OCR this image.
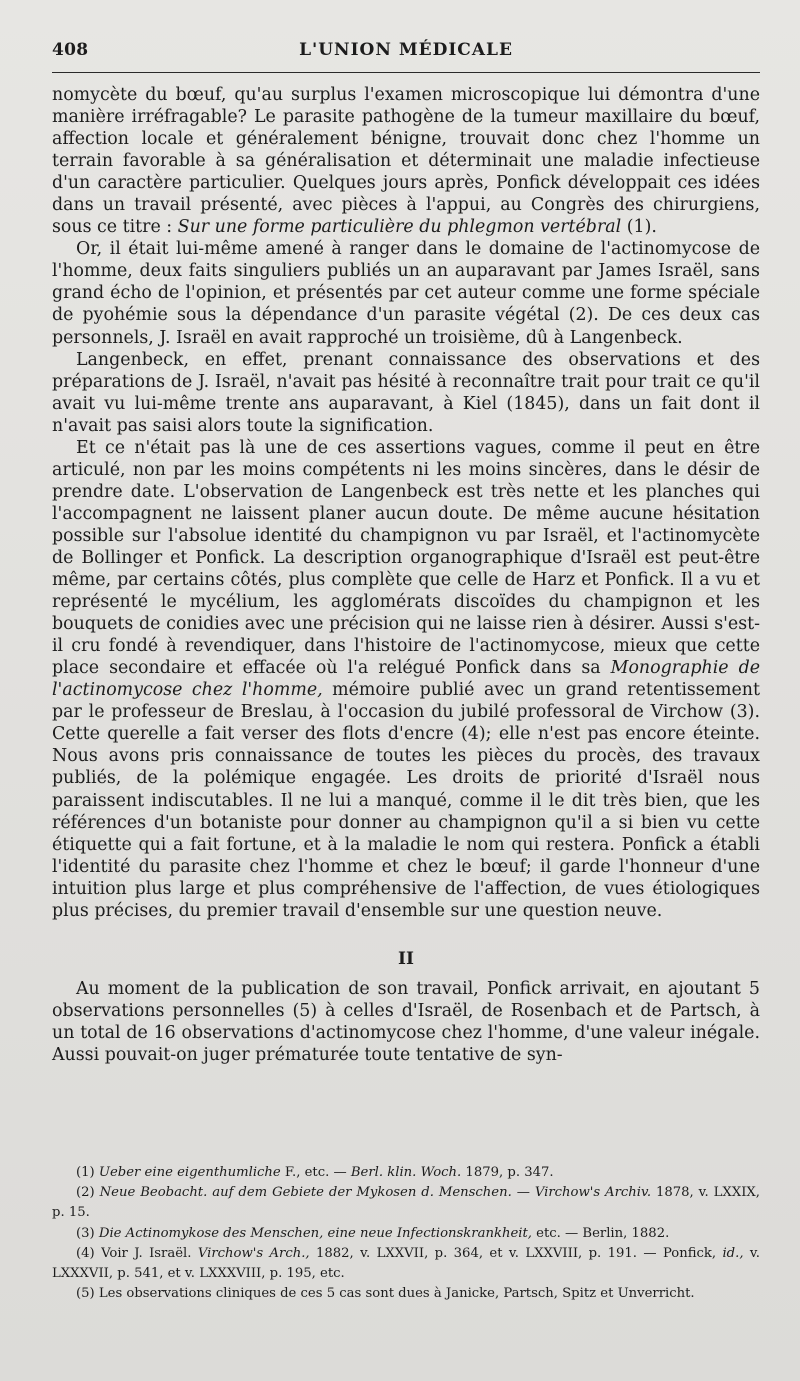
408	L'UNION MÉDICALE

nomycète du bœuf, qu'au surplus l'examen microscopique lui démontra d'une manière irréfragable? Le parasite pathogène de la tumeur maxillaire du bœuf, affection locale et généralement bénigne, trouvait donc chez l'homme un terrain favorable à sa généralisation et déterminait une maladie infectieuse d'un caractère particulier. Quelques jours après, Ponfick développait ces idées dans un travail présenté, avec pièces à l'appui, au Congrès des chirurgiens, sous ce titre : Sur une forme particulière du phlegmon vertébral (1).

Or, il était lui-même amené à ranger dans le domaine de l'actinomycose de l'homme, deux faits singuliers publiés un an auparavant par James Israël, sans grand écho de l'opinion, et présentés par cet auteur comme une forme spéciale de pyohémie sous la dépendance d'un parasite végétal (2). De ces deux cas personnels, J. Israël en avait rapproché un troisième, dû à Langenbeck.

Langenbeck, en effet, prenant connaissance des observations et des préparations de J. Israël, n'avait pas hésité à reconnaître trait pour trait ce qu'il avait vu lui-même trente ans auparavant, à Kiel (1845), dans un fait dont il n'avait pas saisi alors toute la signification.

Et ce n'était pas là une de ces assertions vagues, comme il peut en être articulé, non par les moins compétents ni les moins sincères, dans le désir de prendre date. L'observation de Langenbeck est très nette et les planches qui l'accompagnent ne laissent planer aucun doute. De même aucune hésitation possible sur l'absolue identité du champignon vu par Israël, et l'actinomycète de Bollinger et Ponfick. La description organographique d'Israël est peut-être même, par certains côtés, plus complète que celle de Harz et Ponfick. Il a vu et représenté le mycélium, les agglomérats discoïdes du champignon et les bouquets de conidies avec une précision qui ne laisse rien à désirer. Aussi s'est-il cru fondé à revendiquer, dans l'histoire de l'actinomycose, mieux que cette place secondaire et effacée où l'a relégué Ponfick dans sa Monographie de l'actinomycose chez l'homme, mémoire publié avec un grand retentissement par le professeur de Breslau, à l'occasion du jubilé professoral de Virchow (3). Cette querelle a fait verser des flots d'encre (4); elle n'est pas encore éteinte. Nous avons pris connaissance de toutes les pièces du procès, des travaux publiés, de la polémique engagée. Les droits de priorité d'Israël nous paraissent indiscutables. Il ne lui a manqué, comme il le dit très bien, que les références d'un botaniste pour donner au champignon qu'il a si bien vu cette étiquette qui a fait fortune, et à la maladie le nom qui restera. Ponfick a établi l'identité du parasite chez l'homme et chez le bœuf; il garde l'honneur d'une intuition plus large et plus compréhensive de l'affection, de vues étiologiques plus précises, du premier travail d'ensemble sur une question neuve.

II

Au moment de la publication de son travail, Ponfick arrivait, en ajoutant 5 observations personnelles (5) à celles d'Israël, de Rosenbach et de Partsch, à un total de 16 observations d'actinomycose chez l'homme, d'une valeur inégale. Aussi pouvait-on juger prématurée toute tentative de syn-

(1) Ueber eine eigenthumliche F., etc. — Berl. klin. Woch. 1879, p. 347.

(2) Neue Beobacht. auf dem Gebiete der Mykosen d. Menschen. — Virchow's Archiv. 1878, v. LXXIX, p. 15.

(3) Die Actinomykose des Menschen, eine neue Infectionskrankheit, etc. — Berlin, 1882.

(4) Voir J. Israël. Virchow's Arch., 1882, v. LXXVII, p. 364, et v. LXXVIII, p. 191. — Ponfick, id., v. LXXXVII, p. 541, et v. LXXXVIII, p. 195, etc.

(5) Les observations cliniques de ces 5 cas sont dues à Janicke, Partsch, Spitz et Unverricht.
